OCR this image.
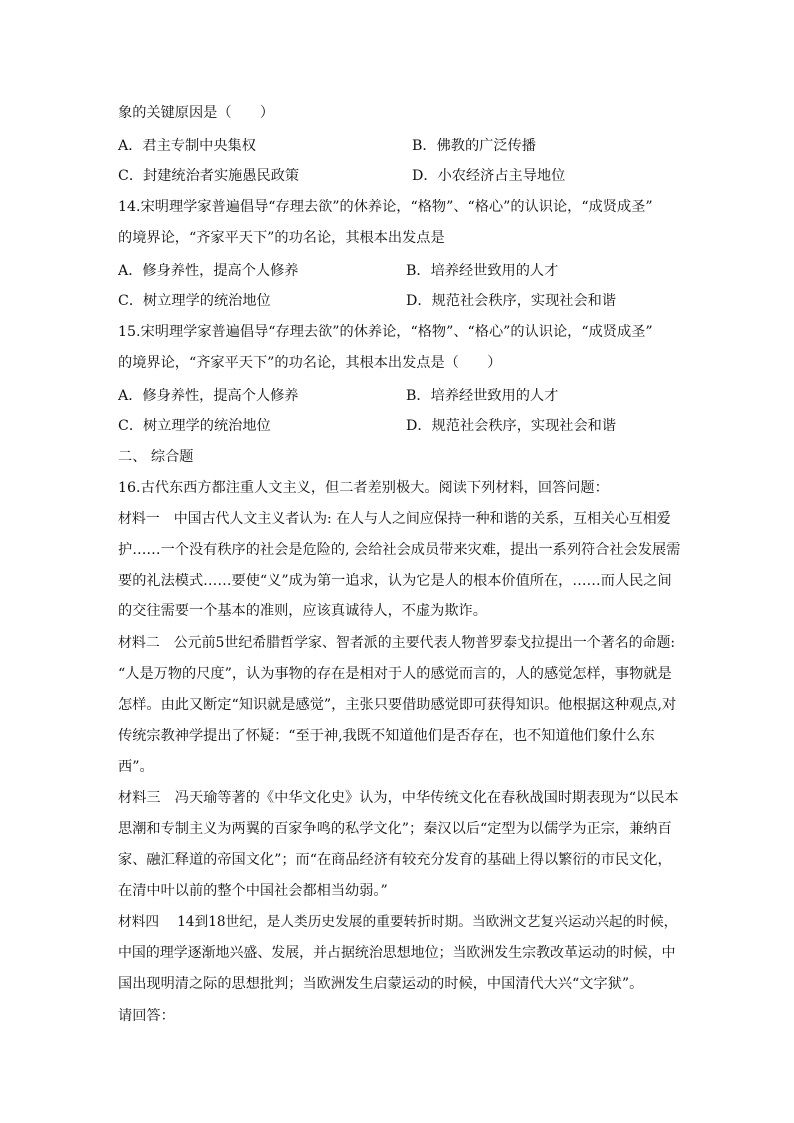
象的关键原因是（　　）
A．君主专制中央集权	B．佛教的广泛传播
C．封建统治者实施愚民政策	D．小农经济占主导地位
14.宋明理学家普遍倡导“存理去欲”的休养论，“格物”、“格心”的认识论，“成贤成圣”
的境界论，“齐家平天下”的功名论，其根本出发点是
A．修身养性，提高个人修养	B．培养经世致用的人才
C．树立理学的统治地位	D．规范社会秩序，实现社会和谐
15.宋明理学家普遍倡导“存理去欲”的休养论，“格物”、“格心”的认识论，“成贤成圣”
的境界论，“齐家平天下”的功名论，其根本出发点是（　　）
A．修身养性，提高个人修养	B．培养经世致用的人才
C．树立理学的统治地位	D．规范社会秩序，实现社会和谐
二、 综合题
16.古代东西方都注重人文主义，但二者差别极大。阅读下列材料，回答问题：
材料一　中国古代人文主义者认为: 在人与人之间应保持一种和谐的关系，互相关心互相爱
护……一个没有秩序的社会是危险的, 会给社会成员带来灾难，提出一系列符合社会发展需
要的礼法模式……要使“义”成为第一追求，认为它是人的根本价值所在，……而人民之间
的交往需要一个基本的准则，应该真诚待人，不虚为欺诈。
材料二　公元前5世纪希腊哲学家、智者派的主要代表人物普罗泰戈拉提出一个著名的命题:
“人是万物的尺度”，认为事物的存在是相对于人的感觉而言的，人的感觉怎样，事物就是
怎样。由此又断定“知识就是感觉”，主张只要借助感觉即可获得知识。他根据这种观点,对
传统宗教神学提出了怀疑：“至于神,我既不知道他们是否存在，也不知道他们象什么东
西”。
材料三　冯天瑜等著的《中华文化史》认为，中华传统文化在春秋战国时期表现为“以民本
思潮和专制主义为两翼的百家争鸣的私学文化”；秦汉以后“定型为以儒学为正宗，兼纳百
家、融汇释道的帝国文化”；而“在商品经济有较充分发育的基础上得以繁衍的市民文化，
在清中叶以前的整个中国社会都相当幼弱。”
材料四　 14到18世纪，是人类历史发展的重要转折时期。当欧洲文艺复兴运动兴起的时候，
中国的理学逐渐地兴盛、发展，并占据统治思想地位；当欧洲发生宗教改革运动的时候，中
国出现明清之际的思想批判；当欧洲发生启蒙运动的时候，中国清代大兴“文字狱”。
请回答：
